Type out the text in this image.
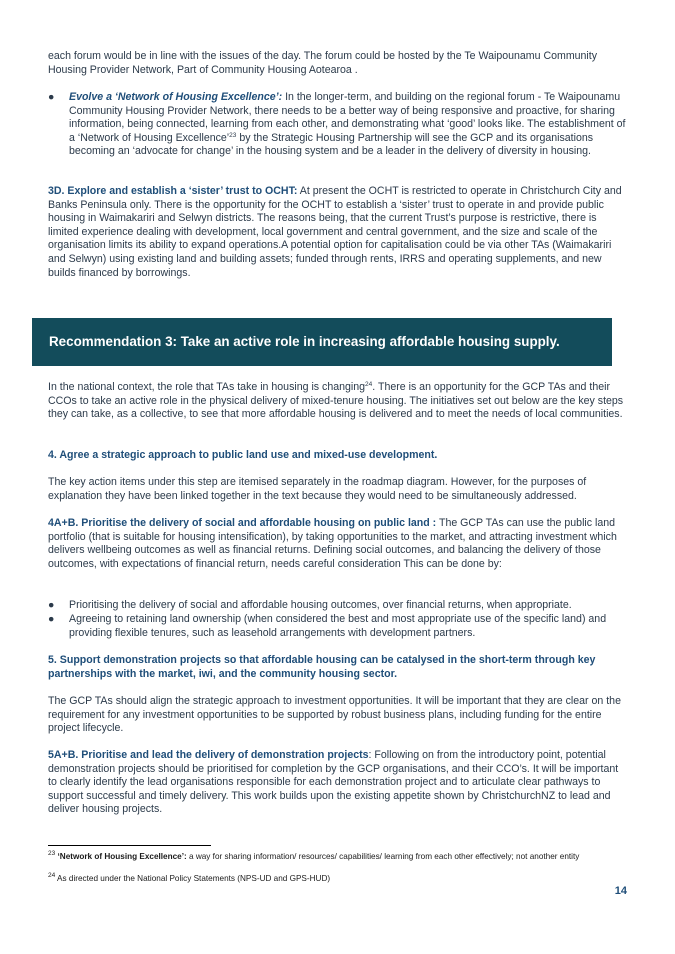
each forum would be in line with the issues of the day. The forum could be hosted by the Te Waipounamu Community Housing Provider Network, Part of Community Housing Aotearoa .

●	Evolve a ‘Network of Housing Excellence’: In the longer-term, and building on the regional forum - Te Waipounamu Community Housing Provider Network, there needs to be a better way of being responsive and proactive, for sharing information, being connected, learning from each other, and demonstrating what ‘good’ looks like. The establishment of a ‘Network of Housing Excellence’$^{23}$ by the Strategic Housing Partnership will see the GCP and its organisations becoming an ‘advocate for change’ in the housing system and be a leader in the delivery of diversity in housing.

3D. Explore and establish a ‘sister’ trust to OCHT: At present the OCHT is restricted to operate in Christchurch City and Banks Peninsula only. There is the opportunity for the OCHT to establish a ‘sister’ trust to operate in and provide public housing in Waimakariri and Selwyn districts. The reasons being, that the current Trust’s purpose is restrictive, there is limited experience dealing with development, local government and central government, and the size and scale of the organisation limits its ability to expand operations.A potential option for capitalisation could be via other TAs (Waimakariri and Selwyn) using existing land and building assets; funded through rents, IRRS and operating supplements, and new builds financed by borrowings.

Recommendation 3: Take an active role in increasing affordable housing supply.

In the national context, the role that TAs take in housing is changing$^{24}$. There is an opportunity for the GCP TAs and their CCOs to take an active role in the physical delivery of mixed-tenure housing. The initiatives set out below are the key steps they can take, as a collective, to see that more affordable housing is delivered and to meet the needs of local communities.

4. Agree a strategic approach to public land use and mixed-use development.

The key action items under this step are itemised separately in the roadmap diagram. However, for the purposes of explanation they have been linked together in the text because they would need to be simultaneously addressed.

4A+B. Prioritise the delivery of social and affordable housing on public land : The GCP TAs can use the public land portfolio (that is suitable for housing intensification), by taking opportunities to the market, and attracting investment which delivers wellbeing outcomes as well as financial returns. Defining social outcomes, and balancing the delivery of those outcomes, with expectations of financial return, needs careful consideration This can be done by:

●	Prioritising the delivery of social and affordable housing outcomes, over financial returns, when appropriate.
●	Agreeing to retaining land ownership (when considered the best and most appropriate use of the specific land) and providing flexible tenures, such as leasehold arrangements with development partners.

5. Support demonstration projects so that affordable housing can be catalysed in the short-term through key partnerships with the market, iwi, and the community housing sector.

The GCP TAs should align the strategic approach to investment opportunities. It will be important that they are clear on the requirement for any investment opportunities to be supported by robust business plans, including funding for the entire project lifecycle.

5A+B. Prioritise and lead the delivery of demonstration projects: Following on from the introductory point, potential demonstration projects should be prioritised for completion by the GCP organisations, and their CCO’s. It will be important to clearly identify the lead organisations responsible for each demonstration project and to articulate clear pathways to support successful and timely delivery. This work builds upon the existing appetite shown by ChristchurchNZ to lead and deliver housing projects.

$^{23}$ ‘Network of Housing Excellence’: a way for sharing information/ resources/ capabilities/ learning from each other effectively; not another entity
$^{24}$ As directed under the National Policy Statements (NPS-UD and GPS-HUD)
14
